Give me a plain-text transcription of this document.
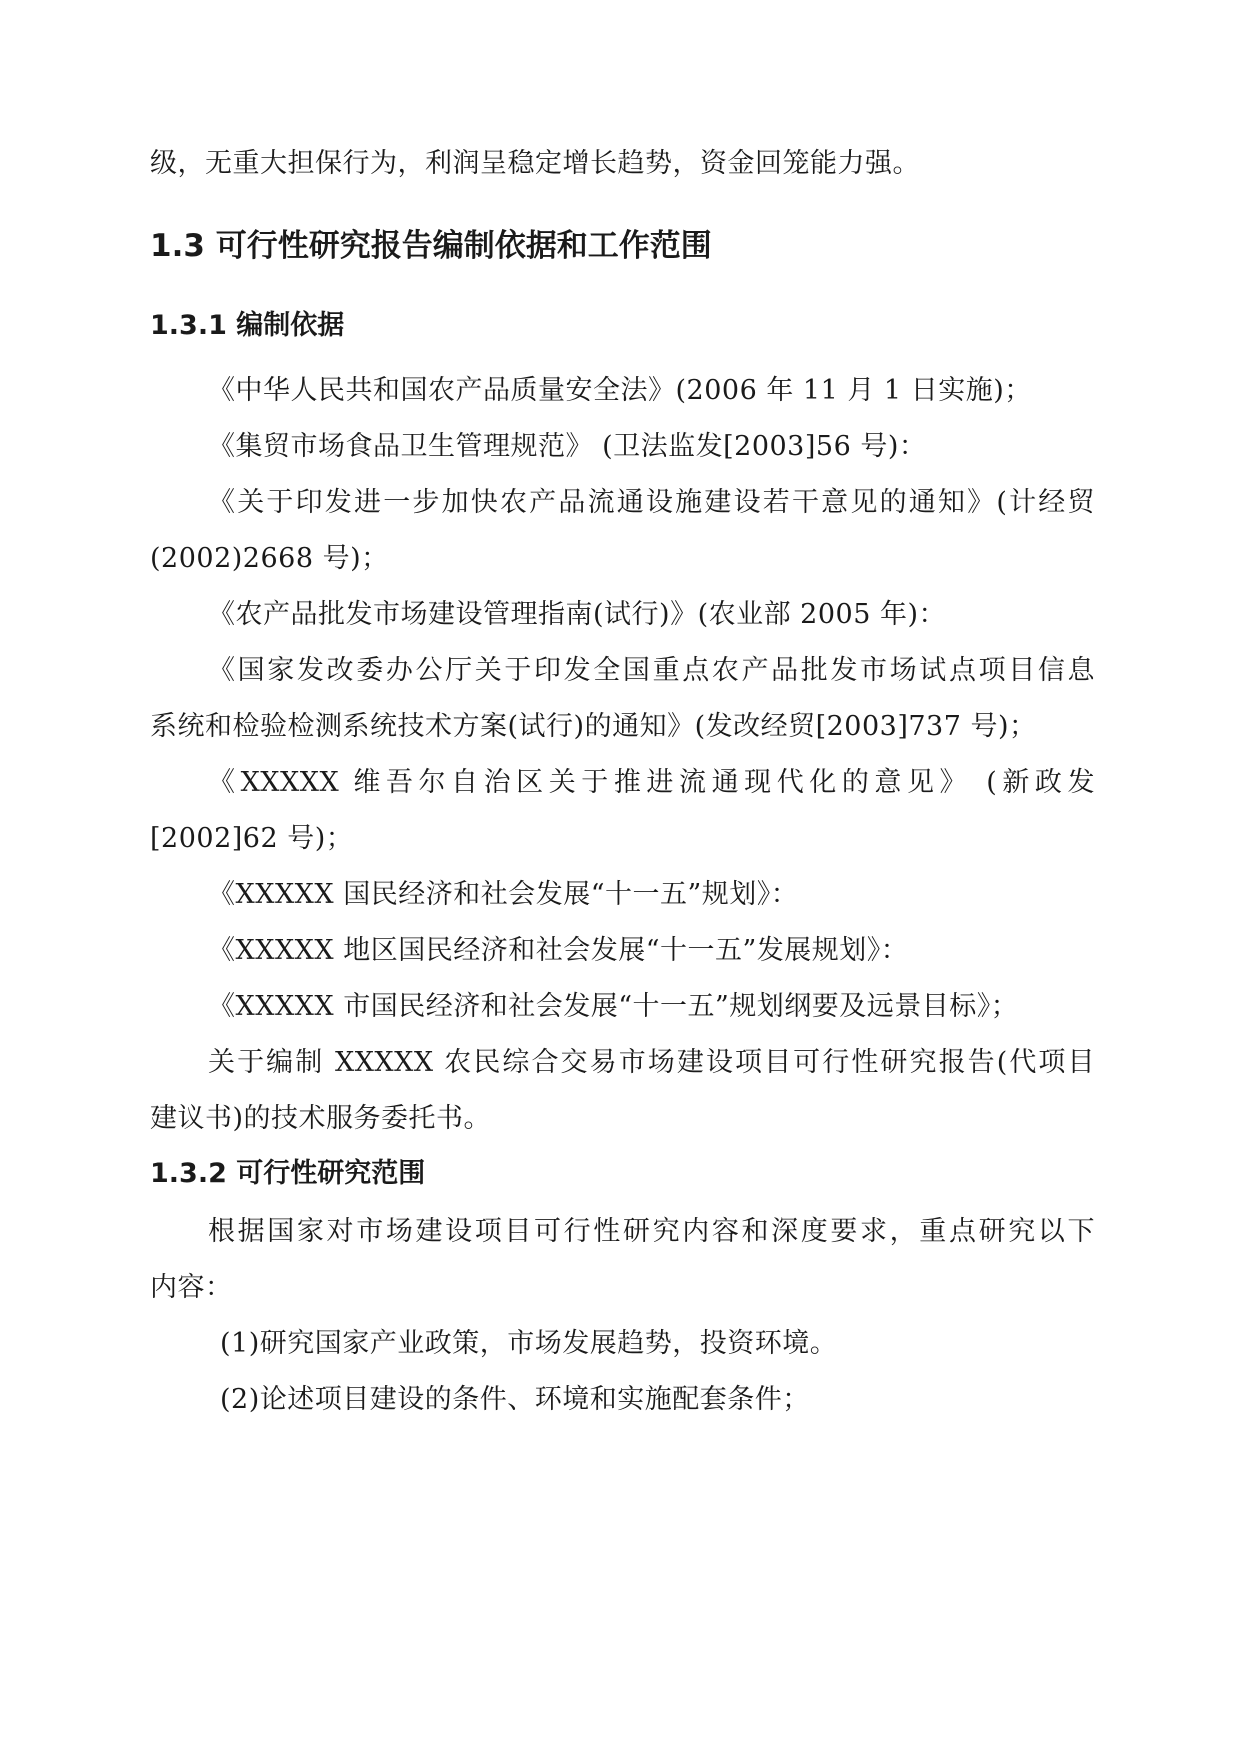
级，无重大担保行为，利润呈稳定增长趋势，资金回笼能力强。
1.3 可行性研究报告编制依据和工作范围
1.3.1 编制依据
《中华人民共和国农产品质量安全法》(2006 年 11 月 1 日实施)；
《集贸市场食品卫生管理规范》 (卫法监发[2003]56 号)：
《关于印发进一步加快农产品流通设施建设若干意见的通知》(计经贸
(2002)2668 号)；
《农产品批发市场建设管理指南(试行)》(农业部 2005 年)：
《国家发改委办公厅关于印发全国重点农产品批发市场试点项目信息
系统和检验检测系统技术方案(试行)的通知》(发改经贸[2003]737 号)；
《XXXXX 维吾尔自治区关于推进流通现代化的意见》 (新政发
[2002]62 号)；
《XXXXX 国民经济和社会发展“十一五”规划》：
《XXXXX 地区国民经济和社会发展“十一五”发展规划》：
《XXXXX 市国民经济和社会发展“十一五”规划纲要及远景目标》；
关于编制 XXXXX 农民综合交易市场建设项目可行性研究报告(代项目
建议书)的技术服务委托书。
1.3.2 可行性研究范围
根据国家对市场建设项目可行性研究内容和深度要求，重点研究以下
内容：
(1)研究国家产业政策，市场发展趋势，投资环境。
(2)论述项目建设的条件、环境和实施配套条件；
